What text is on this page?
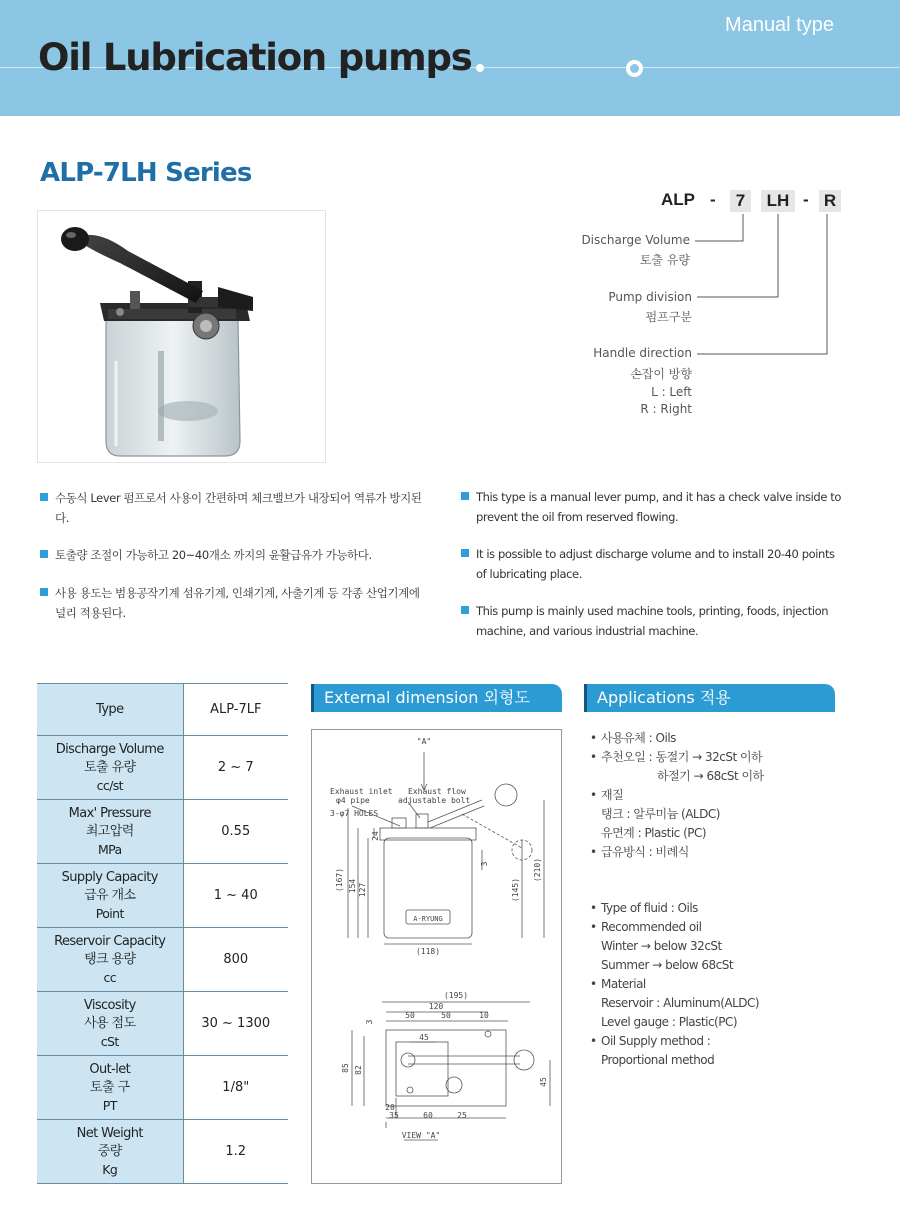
Oil Lubrication pumps
Manual type
ALP-7LH Series
ALP -	7	LH - R
Discharge Volume
토출 유량
Pump division
펌프구분
Handle direction
손잡이 방향
L : Left
R : Right
수동식 Lever 펌프로서 사용이 간편하며 체크밸브가 내장되어 역류가 방지된다.
토출량 조절이 가능하고 20~40개소 까지의 윤활급유가 가능하다.
사용 용도는 범용공작기계 섬유기계, 인쇄기계, 사출기계 등 각종 산업기계에 널리 적용된다.
This type is a manual lever pump, and it has a check valve inside to prevent the oil from reserved flowing.
It is possible to adjust discharge volume and to install 20-40 points of lubricating place.
This pump is mainly used machine tools, printing, foods, injection machine, and various industrial machine.
Type	ALP-7LF

Discharge Volume
토출 유량
cc/st	2 ~ 7

Max' Pressure
최고압력
MPa	0.55

Supply Capacity
급유 개소
Point	1 ~ 40

Reservoir Capacity
탱크 용량
cc	800

Viscosity
사용 점도
cSt	30 ~ 1300

Out-let
토출 구
PT	1/8"

Net Weight
중량
Kg	1.2
External dimension 외형도
"A"
Exhaust inlet
φ4 pipe
3-φ7 HOLES
Exhaust flow
adjustable bolt
A-RYUNG
(118)
(167) 154 127
24
3
(145)
(210)
(195)
120
50	50	10
3
45
85 82
45
20
35	60	25
VIEW "A"
Applications 적용
• 사용유체 : Oils
• 추천오일 : 동절기 → 32cSt 이하
하절기 → 68cSt 이하
• 재질
탱크 : 알루미늄 (ALDC)
유면계 : Plastic (PC)
• 급유방식 : 비례식
• Type of fluid : Oils
• Recommended oil
Winter → below 32cSt
Summer → below 68cSt
• Material
Reservoir : Aluminum(ALDC)
Level gauge : Plastic(PC)
• Oil Supply method :
Proportional method
